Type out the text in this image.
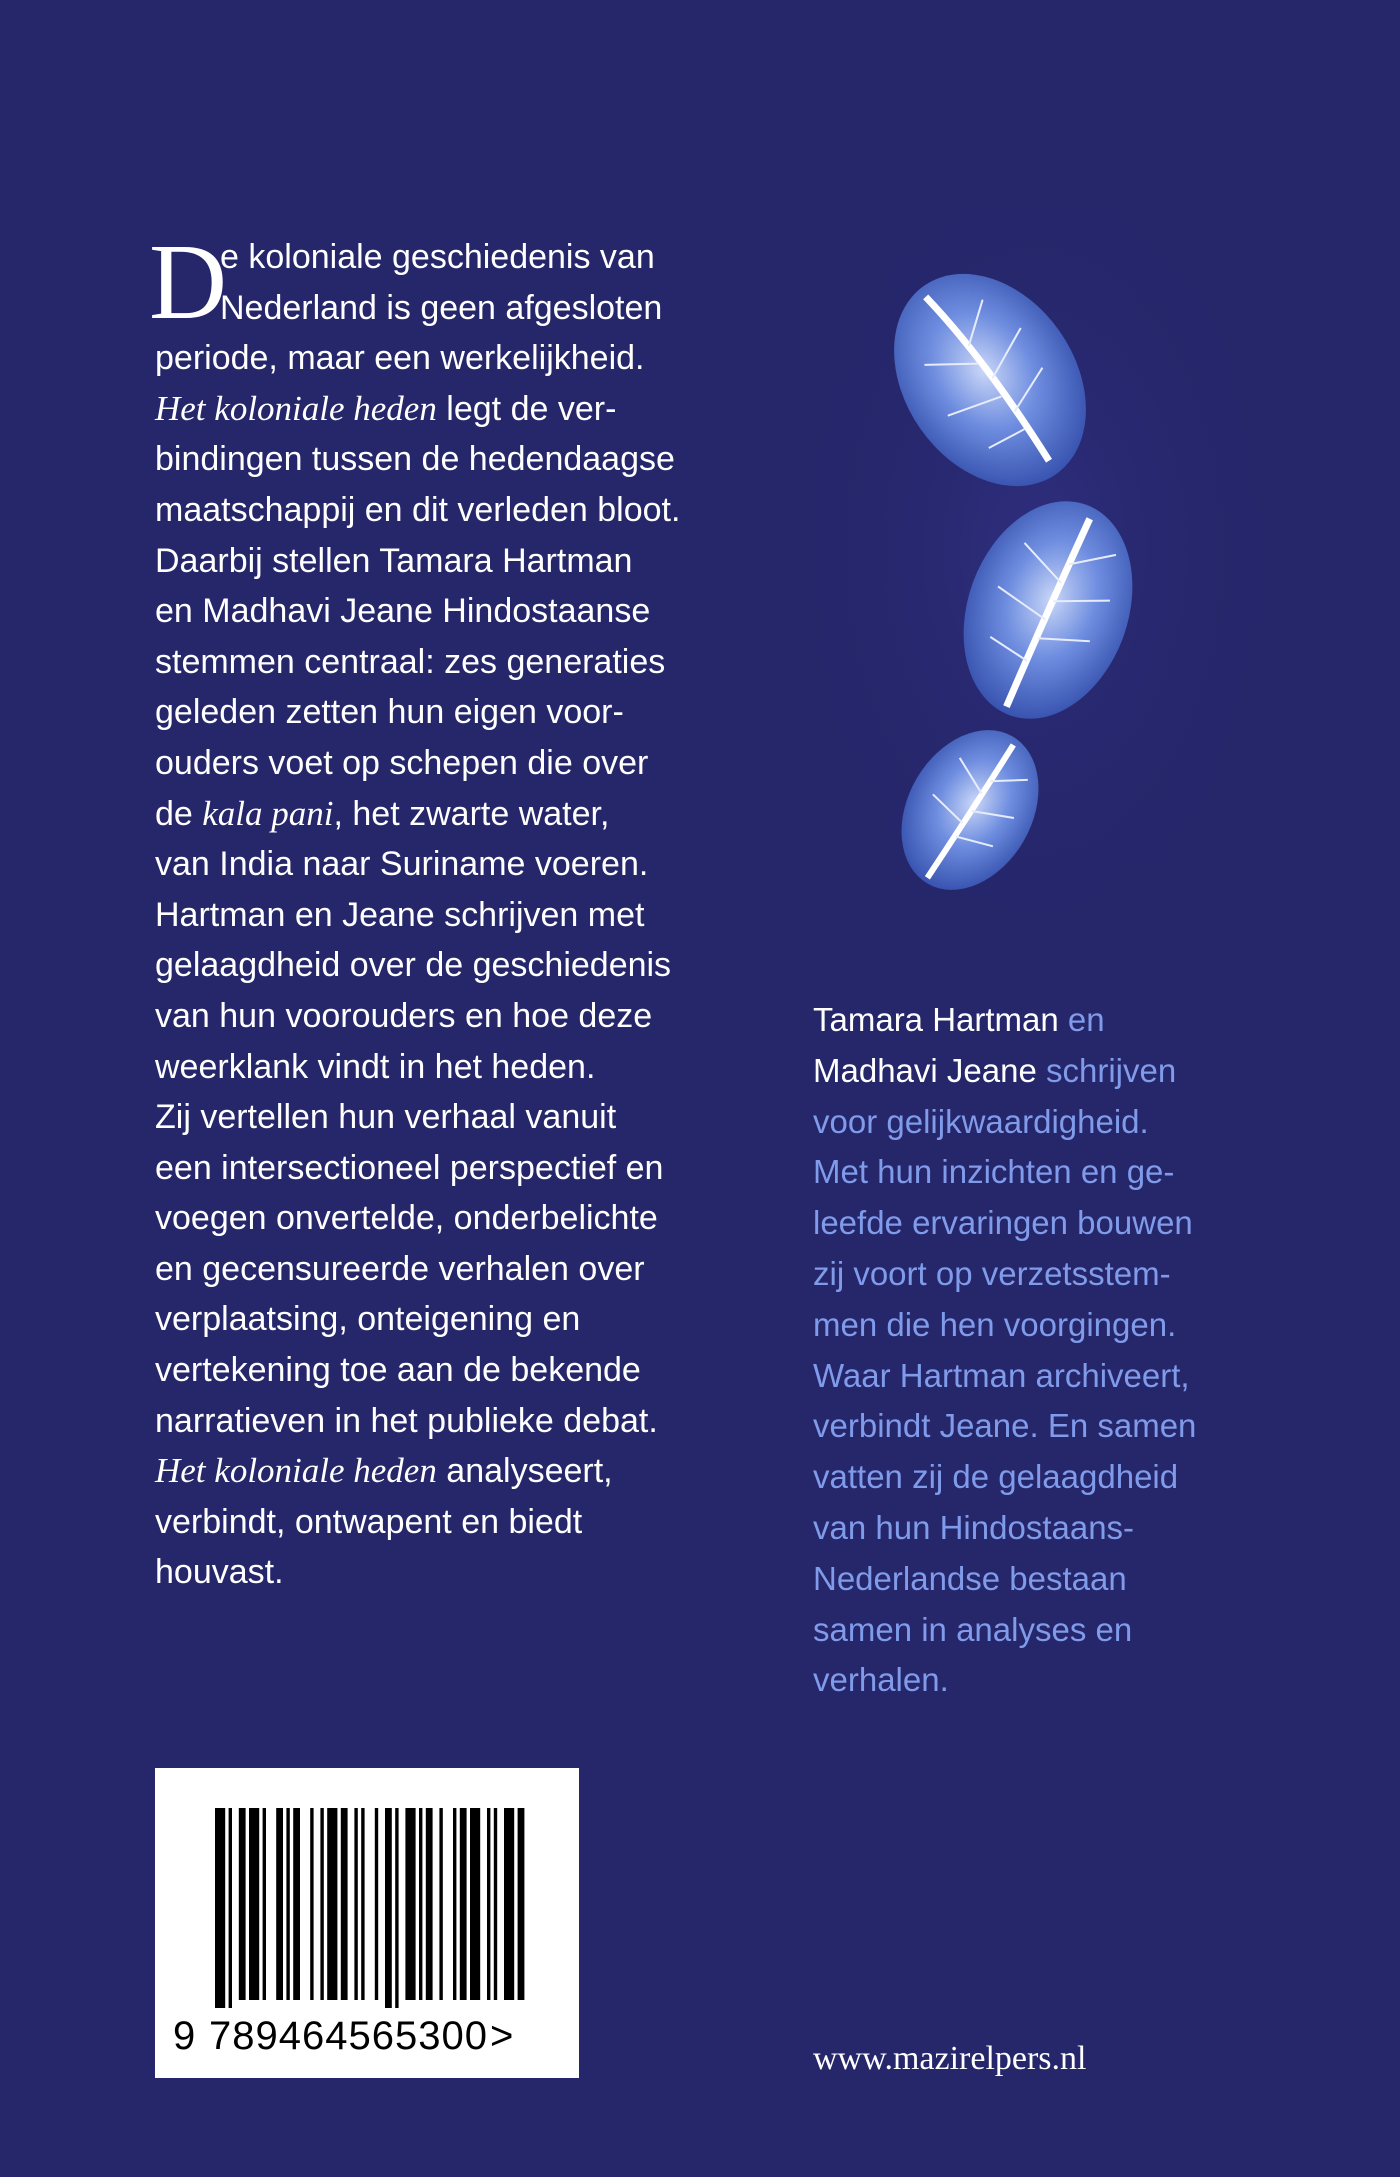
D
e koloniale geschiedenis van
Nederland is geen afgesloten
periode, maar een werkelijkheid.
Het koloniale heden legt de ver-
bindingen tussen de hedendaagse
maatschappij en dit verleden bloot.
Daarbij stellen Tamara Hartman
en Madhavi Jeane Hindostaanse
stemmen centraal: zes generaties
geleden zetten hun eigen voor-
ouders voet op schepen die over
de kala pani, het zwarte water,
van India naar Suriname voeren.
Hartman en Jeane schrijven met
gelaagdheid over de geschiedenis
van hun voorouders en hoe deze
weerklank vindt in het heden.
Zij vertellen hun verhaal vanuit
een intersectioneel perspectief en
voegen onvertelde, onderbelichte
en gecensureerde verhalen over
verplaatsing, onteigening en
vertekening toe aan de bekende
narratieven in het publieke debat.
Het koloniale heden analyseert,
verbindt, ontwapent en biedt
houvast.
Tamara Hartman en
Madhavi Jeane schrijven
voor gelijkwaardigheid.
Met hun inzichten en ge-
leefde ervaringen bouwen
zij voort op verzetsstem-
men die hen voorgingen.
Waar Hartman archiveert,
verbindt Jeane. En samen
vatten zij de gelaagdheid
van hun Hindostaans-
Nederlandse bestaan
samen in analyses en
verhalen.
9 789464565300>
www.mazirelpers.nl
